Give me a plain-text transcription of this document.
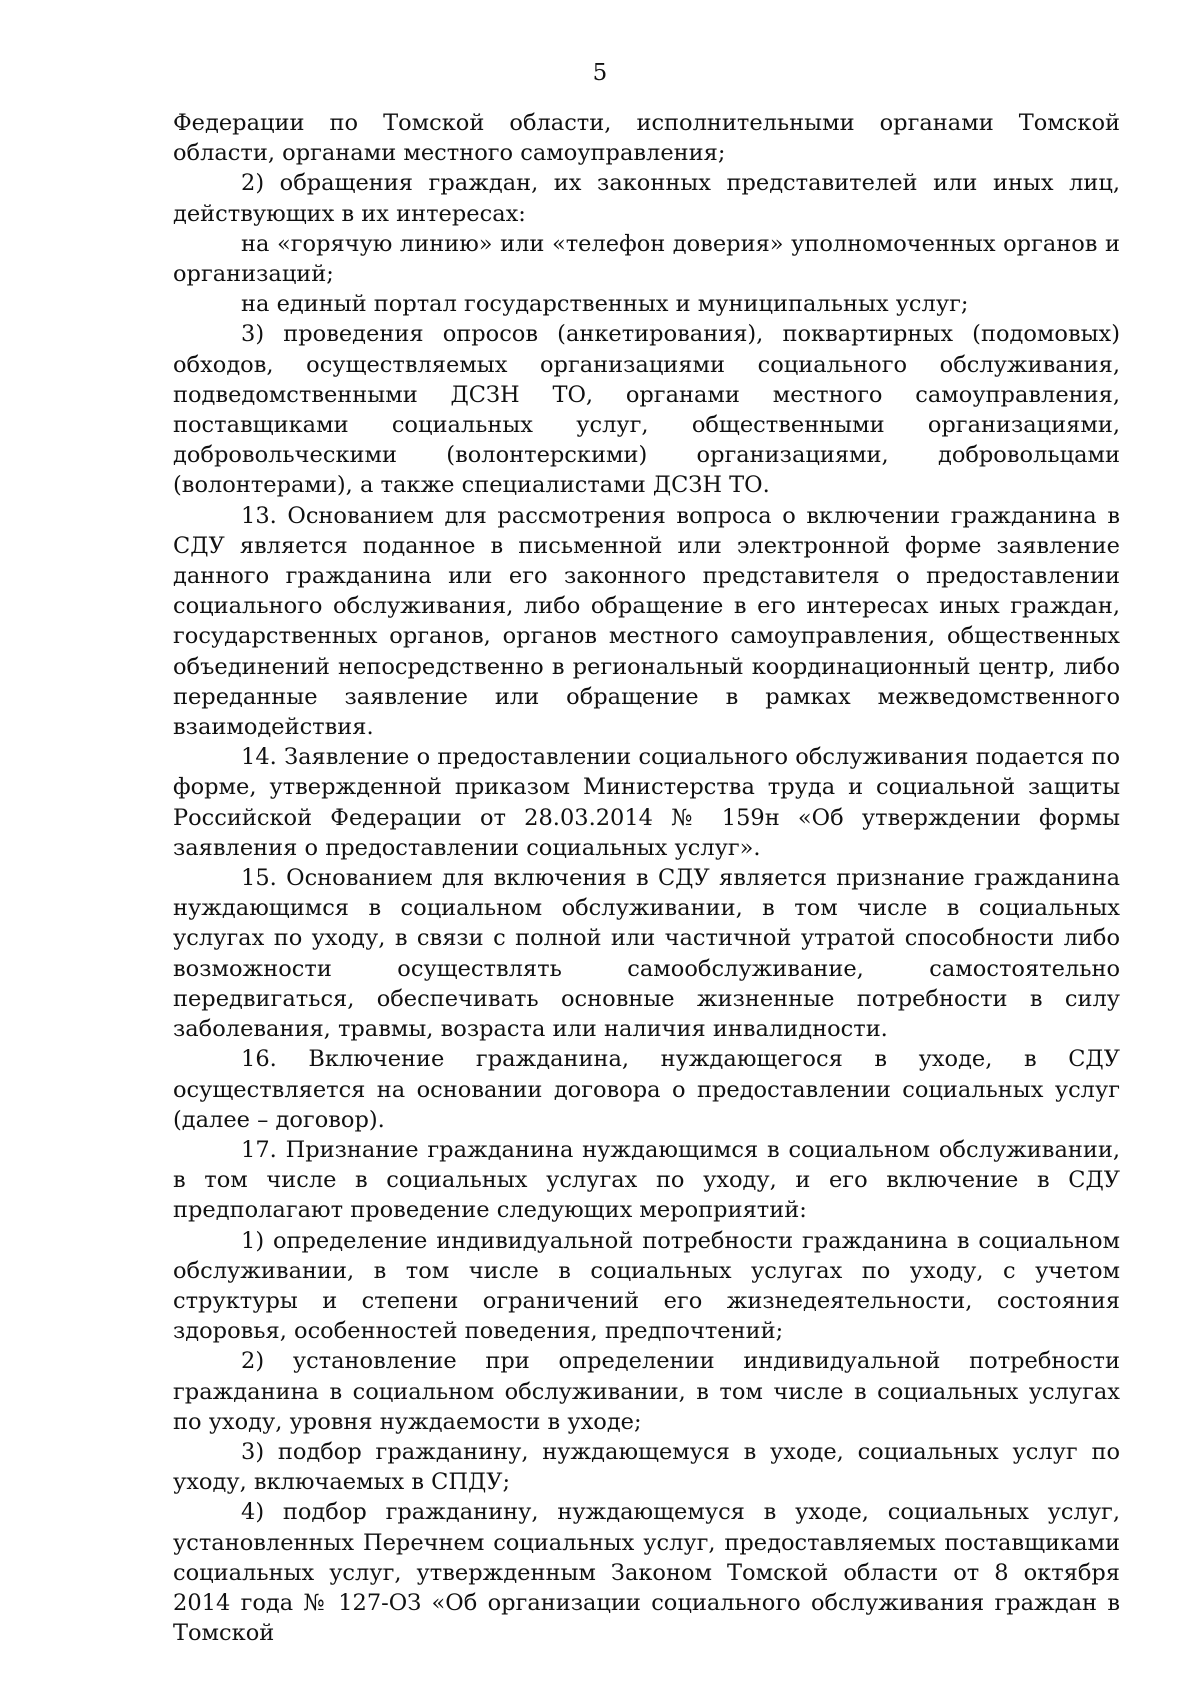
5

Федерации по Томской области, исполнительными органами Томской области, органами местного самоуправления;

2) обращения граждан, их законных представителей или иных лиц, действующих в их интересах:

на «горячую линию» или «телефон доверия» уполномоченных органов и организаций;

на единый портал государственных и муниципальных услуг;

3) проведения опросов (анкетирования), поквартирных (подомовых) обходов, осуществляемых организациями социального обслуживания, подведомственными ДСЗН ТО, органами местного самоуправления, поставщиками социальных услуг, общественными организациями, добровольческими (волонтерскими) организациями, добровольцами (волонтерами), а также специалистами ДСЗН ТО.

13. Основанием для рассмотрения вопроса о включении гражданина в СДУ является поданное в письменной или электронной форме заявление данного гражданина или его законного представителя о предоставлении социального обслуживания, либо обращение в его интересах иных граждан, государственных органов, органов местного самоуправления, общественных объединений непосредственно в региональный координационный центр, либо переданные заявление или обращение в рамках межведомственного взаимодействия.

14. Заявление о предоставлении социального обслуживания подается по форме, утвержденной приказом Министерства труда и социальной защиты Российской Федерации от 28.03.2014 № 159н «Об утверждении формы заявления о предоставлении социальных услуг».

15. Основанием для включения в СДУ является признание гражданина нуждающимся в социальном обслуживании, в том числе в социальных услугах по уходу, в связи с полной или частичной утратой способности либо возможности осуществлять самообслуживание, самостоятельно передвигаться, обеспечивать основные жизненные потребности в силу заболевания, травмы, возраста или наличия инвалидности.

16. Включение гражданина, нуждающегося в уходе, в СДУ осуществляется на основании договора о предоставлении социальных услуг (далее – договор).

17. Признание гражданина нуждающимся в социальном обслуживании, в том числе в социальных услугах по уходу, и его включение в СДУ предполагают проведение следующих мероприятий:

1) определение индивидуальной потребности гражданина в социальном обслуживании, в том числе в социальных услугах по уходу, с учетом структуры и степени ограничений его жизнедеятельности, состояния здоровья, особенностей поведения, предпочтений;

2) установление при определении индивидуальной потребности гражданина в социальном обслуживании, в том числе в социальных услугах по уходу, уровня нуждаемости в уходе;

3) подбор гражданину, нуждающемуся в уходе, социальных услуг по уходу, включаемых в СПДУ;

4) подбор гражданину, нуждающемуся в уходе, социальных услуг, установленных Перечнем социальных услуг, предоставляемых поставщиками социальных услуг, утвержденным Законом Томской области от 8 октября 2014 года № 127-ОЗ «Об организации социального обслуживания граждан в Томской
